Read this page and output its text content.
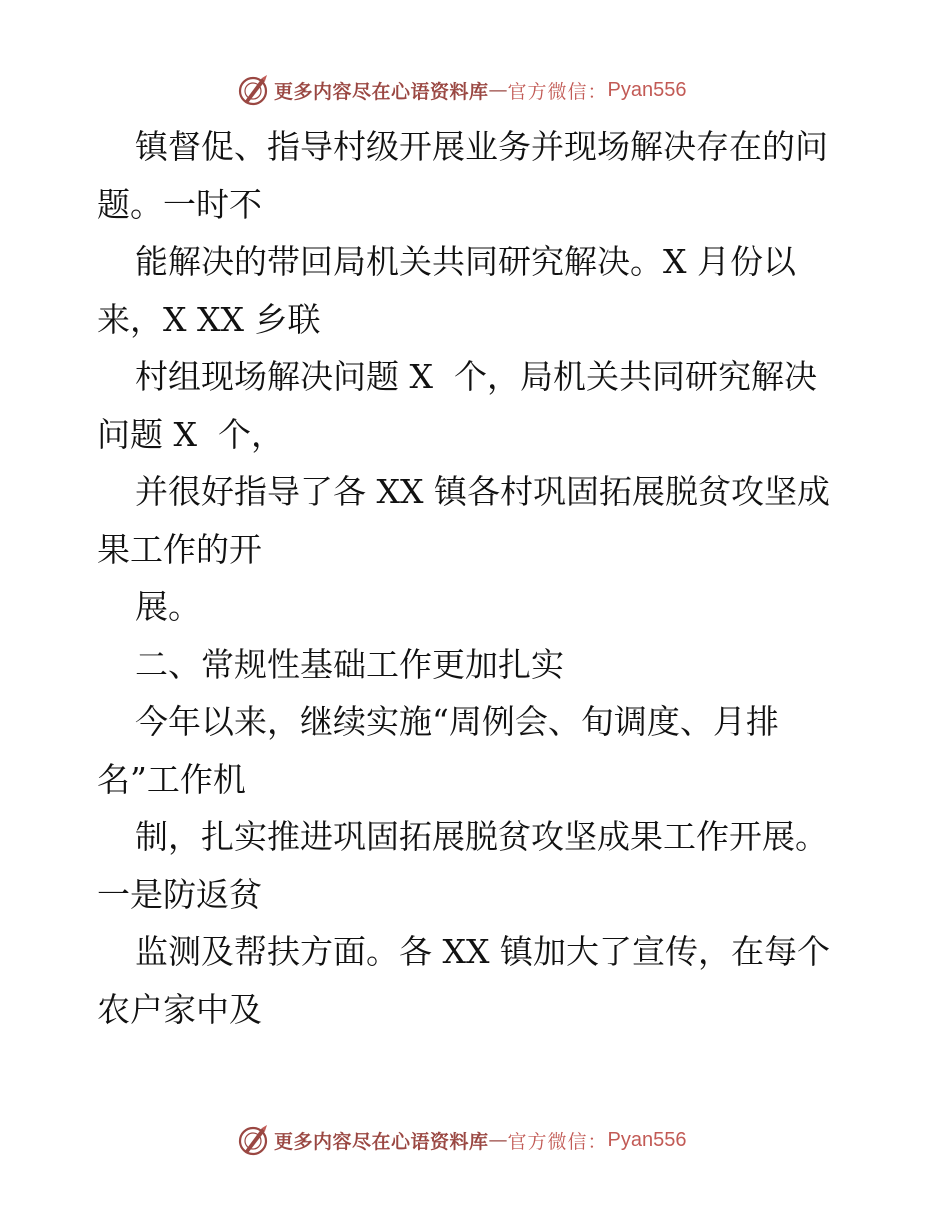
更多内容尽在心语资料库 — 官方微信： Pyan556
镇督促、指导村级开展业务并现场解决存在的问
题。一时不
能解决的带回局机关共同研究解决。X 月份以
来，X XX 乡联
村组现场解决问题 X  个，局机关共同研究解决
问题 X  个，
并很好指导了各 XX 镇各村巩固拓展脱贫攻坚成
果工作的开
展。
二、常规性基础工作更加扎实
今年以来，继续实施“周例会、旬调度、月排
名”工作机
制，扎实推进巩固拓展脱贫攻坚成果工作开展。
一是防返贫
监测及帮扶方面。各 XX 镇加大了宣传，在每个
农户家中及
更多内容尽在心语资料库 — 官方微信： Pyan556
